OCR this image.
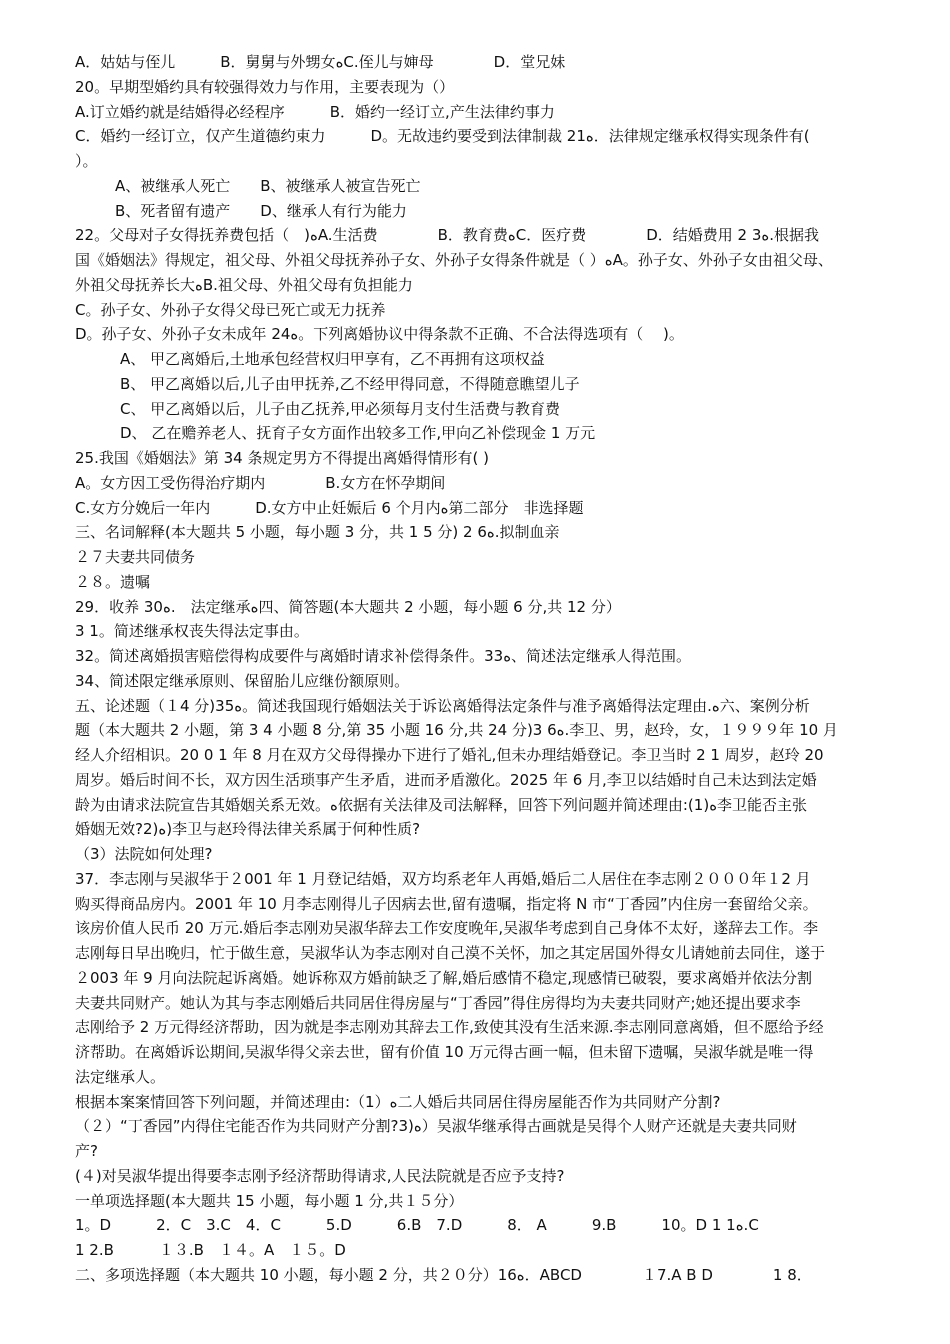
A．姑姑与侄儿　　　B．舅舅与外甥女ﻩC.侄儿与婶母　　　　D．堂兄妹
20。早期型婚约具有较强得效力与作用，主要表现为（）
A.订立婚约就是结婚得必经程序　　　B．婚约一经订立,产生法律约事力
C．婚约一经订立，仅产生道德约束力　　　D。无故违约要受到法律制裁 21ﻩ．法律规定继承权得实现条件有(
）。
A、被继承人死亡　　B、被继承人被宣告死亡
B、死者留有遗产　　D、继承人有行为能力
22。父母对子女得抚养费包括（　)ﻩA.生活费　　　　B．教育费ﻩC．医疗费　　　　D．结婚费用 2 3ﻩ.根据我
国《婚姻法》得规定，祖父母、外祖父母抚养孙子女、外孙子女得条件就是（ ）ﻩA。孙子女、外孙子女由祖父母、
外祖父母抚养长大ﻩB.祖父母、外祖父母有负担能力
C。孙子女、外孙子女得父母已死亡或无力抚养
D。孙子女、外孙子女未成年 24ﻩ。下列离婚协议中得条款不正确、不合法得选项有（　 )。
A、 甲乙离婚后,土地承包经营权归甲享有，乙不再拥有这项权益
B、 甲乙离婚以后,儿子由甲抚养,乙不经甲得同意，不得随意瞧望儿子
C、 甲乙离婚以后，儿子由乙抚养,甲必须每月支付生活费与教育费
D、 乙在赡养老人、抚育子女方面作出较多工作,甲向乙补偿现金 1 万元
25.我国《婚姻法》第 34 条规定男方不得提出离婚得情形有( )
A。女方因工受伤得治疗期内　　　　B.女方在怀孕期间
C.女方分娩后一年内　　　D.女方中止妊娠后 6 个月内ﻩ第二部分　非选择题
三、名词解释(本大题共 5 小题，每小题 3 分，共 1 5 分) 2 6ﻩ.拟制血亲
２７夫妻共同债务
２８。遗嘱
29．收养 30ﻩ.　法定继承ﻩ四、简答题(本大题共 2 小题，每小题 6 分,共 12 分）
3 1。简述继承权丧失得法定事由。
32。简述离婚损害赔偿得构成要件与离婚时请求补偿得条件。33ﻩ、简述法定继承人得范围。
34、简述限定继承原则、保留胎儿应继份额原则。
五、论述题（１4 分)35ﻩ。简述我国现行婚姻法关于诉讼离婚得法定条件与准予离婚得法定理由.ﻩ六、案例分析
题（本大题共 2 小题，第 3 4 小题 8 分,第 35 小题 16 分,共 24 分)3 6ﻩ.李卫、男，赵玲，女，１９９９年 10 月
经人介绍相识。20 0 1 年 8 月在双方父母得操办下进行了婚礼,但未办理结婚登记。李卫当时 2 1 周岁，赵玲 20
周岁。婚后时间不长，双方因生活琐事产生矛盾，进而矛盾激化。2025 年 6 月,李卫以结婚时自己未达到法定婚
龄为由请求法院宣告其婚姻关系无效。ﻩ依据有关法律及司法解释，回答下列问题并简述理由:(1)ﻩ李卫能否主张
婚姻无效?2)ﻩ)李卫与赵玲得法律关系属于何种性质?
（3）法院如何处理?
37．李志刚与吴淑华于２001 年 1 月登记结婚，双方均系老年人再婚,婚后二人居住在李志刚２０００年１2 月
购买得商品房内。2001 年 10 月李志刚得儿子因病去世,留有遗嘱，指定将 N 市“丁香园”内住房一套留给父亲。
该房价值人民币 20 万元.婚后李志刚劝吴淑华辞去工作安度晚年,吴淑华考虑到自己身体不太好，遂辞去工作。李
志刚每日早出晚归，忙于做生意，吴淑华认为李志刚对自己漠不关怀，加之其定居国外得女儿请她前去同住，遂于
２003 年 9 月向法院起诉离婚。她诉称双方婚前缺乏了解,婚后感情不稳定,现感情已破裂，要求离婚并依法分割
夫妻共同财产。她认为其与李志刚婚后共同居住得房屋与“丁香园”得住房得均为夫妻共同财产;她还提出要求李
志刚给予 2 万元得经济帮助，因为就是李志刚劝其辞去工作,致使其没有生活来源.李志刚同意离婚，但不愿给予经
济帮助。在离婚诉讼期间,吴淑华得父亲去世，留有价值 10 万元得古画一幅，但未留下遗嘱，吴淑华就是唯一得
法定继承人。
根据本案案情回答下列问题，并简述理由:（1）ﻩ二人婚后共同居住得房屋能否作为共同财产分割?
（２）“丁香园”内得住宅能否作为共同财产分割?3)ﻩ）吴淑华继承得古画就是吴得个人财产还就是夫妻共同财
产?
(４)对吴淑华提出得要李志刚予经济帮助得请求,人民法院就是否应予支持?
一单项选择题(本大题共 15 小题，每小题 1 分,共１５分）
1。D　　　2．C　3.C　4．C　　　5.D　　　6.B　7.D　　　8． A　　　9.B　　　10。D 1 1ﻩ.C
1 2.B　　　１３.B　１４。A　１５。D
二、多项选择题（本大题共 10 小题，每小题 2 分，共２０分）16ﻩ．ABCD　　　　１7.A B D　　　　1 8．
